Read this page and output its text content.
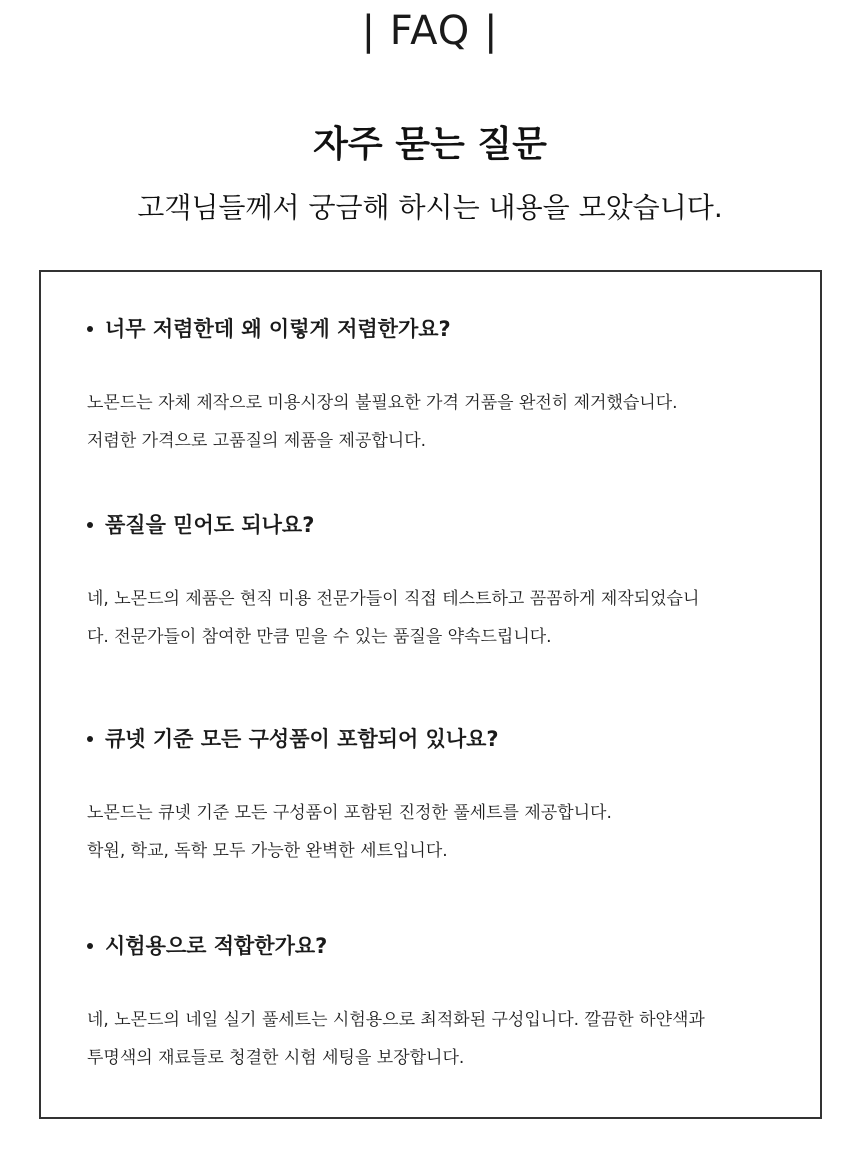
| FAQ |
자주 묻는 질문
고객님들께서 궁금해 하시는 내용을 모았습니다.
너무 저렴한데 왜 이렇게 저렴한가요?
노몬드는 자체 제작으로 미용시장의 불필요한 가격 거품을 완전히 제거했습니다.
저렴한 가격으로 고품질의 제품을 제공합니다.
품질을 믿어도 되나요?
네, 노몬드의 제품은 현직 미용 전문가들이 직접 테스트하고 꼼꼼하게 제작되었습니
다. 전문가들이 참여한 만큼 믿을 수 있는 품질을 약속드립니다.
큐넷 기준 모든 구성품이 포함되어 있나요?
노몬드는 큐넷 기준 모든 구성품이 포함된 진정한 풀세트를 제공합니다.
학원, 학교, 독학 모두 가능한 완벽한 세트입니다.
시험용으로 적합한가요?
네, 노몬드의 네일 실기 풀세트는 시험용으로 최적화된 구성입니다. 깔끔한 하얀색과
투명색의 재료들로 청결한 시험 세팅을 보장합니다.
